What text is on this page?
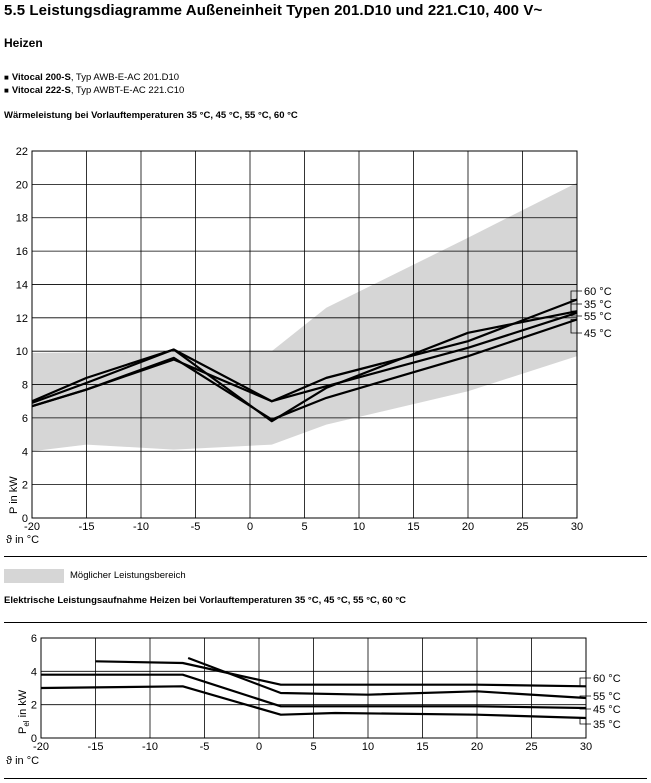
5.5 Leistungsdiagramme Außeneinheit Typen 201.D10 und 221.C10, 400 V~
Heizen
■ Vitocal 200-S, Typ AWB-E-AC 201.D10
■ Vitocal 222-S, Typ AWBT-E-AC 221.C10
Wärmeleistung bei Vorlauftemperaturen 35 °C, 45 °C, 55 °C, 60 °C
-20	-15	-10	-5	0	5	10	15	20	25	30
0
2
4
6
8
10
12
14
16
18
20
22
ϑ in °C
P in kW
60 °C
35 °C
55 °C
45 °C
Möglicher Leistungsbereich
Elektrische Leistungsaufnahme Heizen bei Vorlauftemperaturen 35 °C, 45 °C, 55 °C, 60 °C
-20	-15	-10	-5	0	5	10	15	20	25	30
0
2
4
6
ϑ in °C
$P_{el}$ in kW
60 °C
55 °C
45 °C
35 °C
